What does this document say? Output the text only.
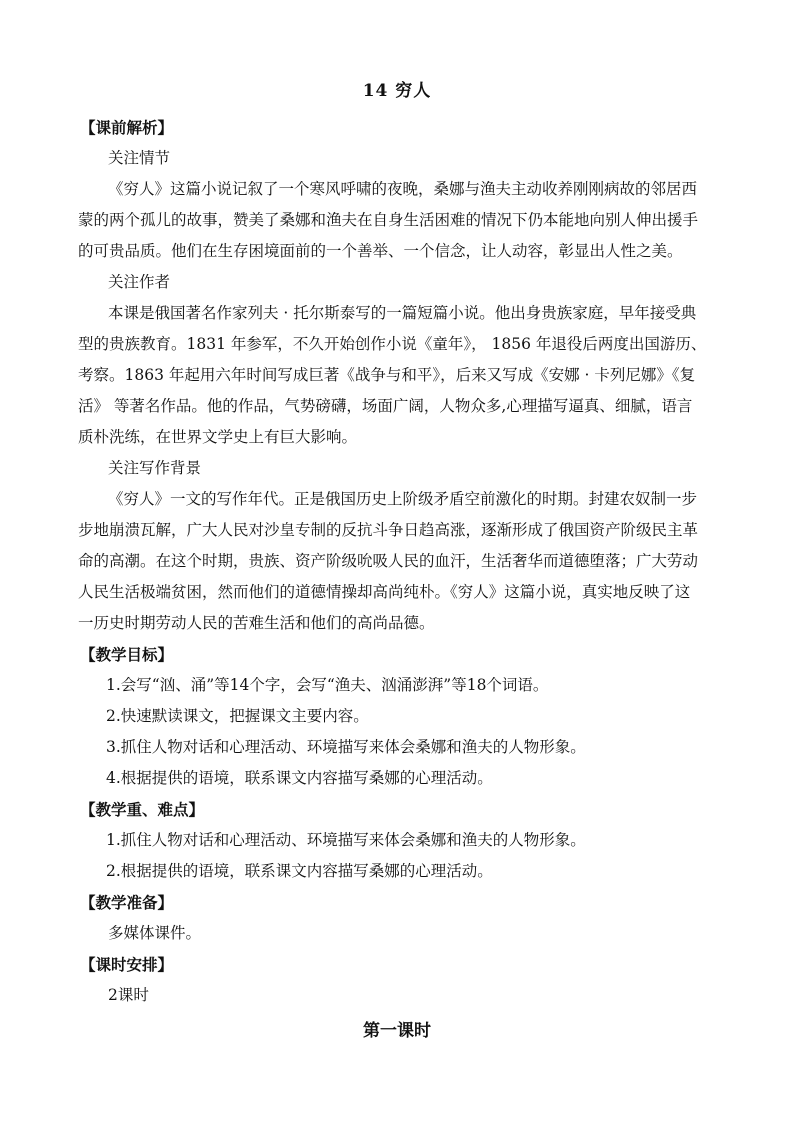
14 穷人
【课前解析】
关注情节
《穷人》这篇小说记叙了一个寒风呼啸的夜晚，桑娜与渔夫主动收养刚刚病故的邻居西
蒙的两个孤儿的故事，赞美了桑娜和渔夫在自身生活困难的情况下仍本能地向别人伸出援手
的可贵品质。他们在生存困境面前的一个善举、一个信念，让人动容，彰显出人性之美。
关注作者
本课是俄国著名作家列夫 · 托尔斯泰写的一篇短篇小说。他出身贵族家庭，早年接受典
型的贵族教育。1831 年参军，不久开始创作小说《童年》， 1856 年退役后两度出国游历、
考察。1863 年起用六年时间写成巨著《战争与和平》，后来又写成《安娜 · 卡列尼娜》《复
活》 等著名作品。他的作品，气势磅礴，场面广阔，人物众多,心理描写逼真、细腻，语言
质朴洗练，在世界文学史上有巨大影响。
关注写作背景
《穷人》一文的写作年代。正是俄国历史上阶级矛盾空前激化的时期。封建农奴制一步
步地崩溃瓦解，广大人民对沙皇专制的反抗斗争日趋高涨，逐渐形成了俄国资产阶级民主革
命的高潮。在这个时期，贵族、资产阶级吮吸人民的血汗，生活奢华而道德堕落；广大劳动
人民生活极端贫困，然而他们的道德情操却高尚纯朴。《穷人》这篇小说，真实地反映了这
一历史时期劳动人民的苦难生活和他们的高尚品德。
【教学目标】
1.会写“汹、涌”等14个字，会写“渔夫、汹涌澎湃”等18个词语。
2.快速默读课文，把握课文主要内容。
3.抓住人物对话和心理活动、环境描写来体会桑娜和渔夫的人物形象。
4.根据提供的语境，联系课文内容描写桑娜的心理活动。
【教学重、难点】
1.抓住人物对话和心理活动、环境描写来体会桑娜和渔夫的人物形象。
2.根据提供的语境，联系课文内容描写桑娜的心理活动。
【教学准备】
多媒体课件。
【课时安排】
2课时
第一课时
